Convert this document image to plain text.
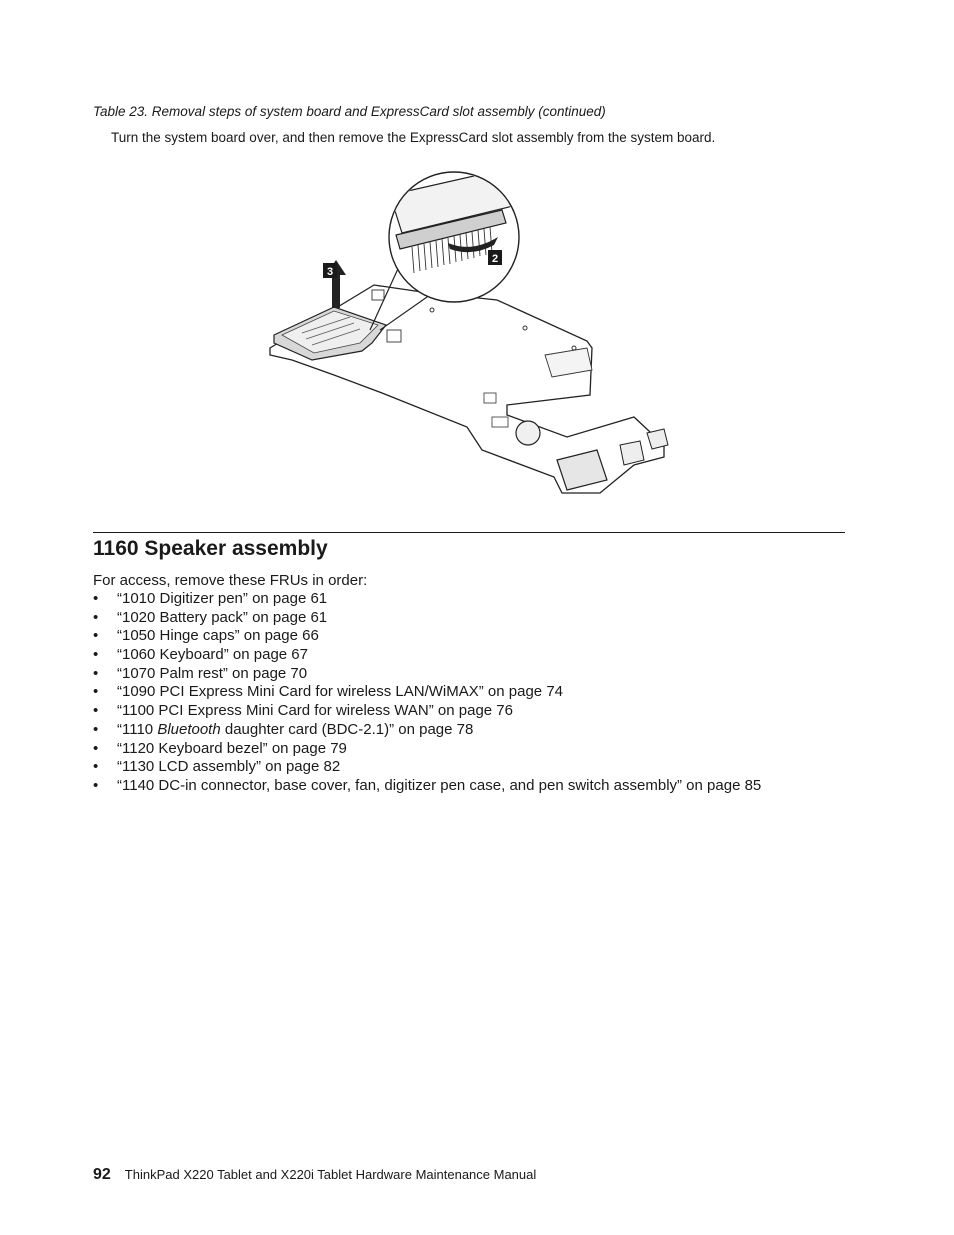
Table 23. Removal steps of system board and ExpressCard slot assembly (continued)
Turn the system board over, and then remove the ExpressCard slot assembly from the system board.
3
2
1160 Speaker assembly
For access, remove these FRUs in order:
• “1010 Digitizer pen” on page 61
• “1020 Battery pack” on page 61
• “1050 Hinge caps” on page 66
• “1060 Keyboard” on page 67
• “1070 Palm rest” on page 70
• “1090 PCI Express Mini Card for wireless LAN/WiMAX” on page 74
• “1100 PCI Express Mini Card for wireless WAN” on page 76
• “1110 Bluetooth daughter card (BDC-2.1)” on page 78
• “1120 Keyboard bezel” on page 79
• “1130 LCD assembly” on page 82
• “1140 DC-in connector, base cover, fan, digitizer pen case, and pen switch assembly” on page 85
92 ThinkPad X220 Tablet and X220i Tablet Hardware Maintenance Manual
